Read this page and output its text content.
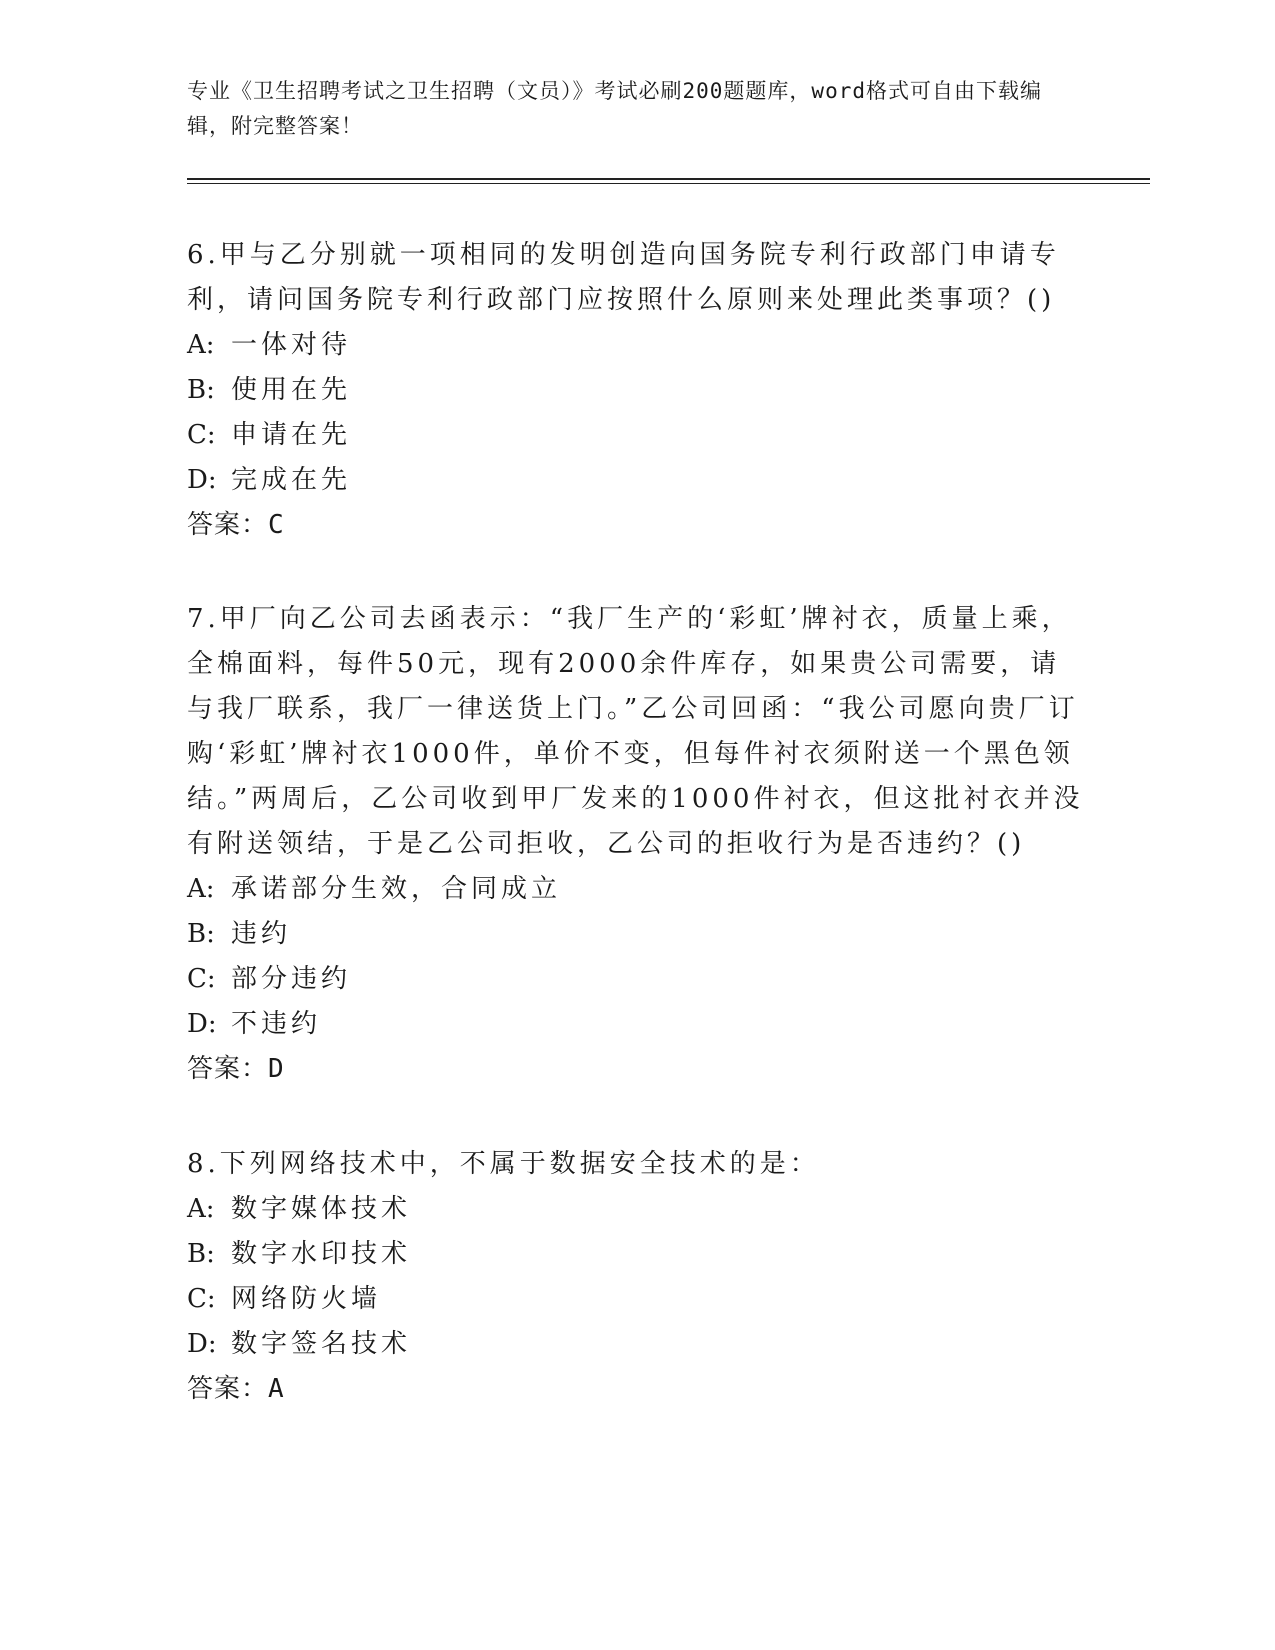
专业《卫生招聘考试之卫生招聘（文员）》考试必刷200题题库，word格式可自由下载编辑，附完整答案！

6.甲与乙分别就一项相同的发明创造向国务院专利行政部门申请专利，请问国务院专利行政部门应按照什么原则来处理此类事项？()

A: 一体对待
B: 使用在先
C: 申请在先
D: 完成在先
答案：C

7.甲厂向乙公司去函表示：“我厂生产的‘彩虹’牌衬衣，质量上乘，全棉面料，每件50元，现有2000余件库存，如果贵公司需要，请与我厂联系，我厂一律送货上门。”乙公司回函：“我公司愿向贵厂订购‘彩虹’牌衬衣1000件，单价不变，但每件衬衣须附送一个黑色领结。”两周后，乙公司收到甲厂发来的1000件衬衣，但这批衬衣并没有附送领结，于是乙公司拒收，乙公司的拒收行为是否违约？()

A: 承诺部分生效，合同成立
B: 违约
C: 部分违约
D: 不违约
答案：D

8.下列网络技术中，不属于数据安全技术的是：

A: 数字媒体技术
B: 数字水印技术
C: 网络防火墙
D: 数字签名技术
答案：A
